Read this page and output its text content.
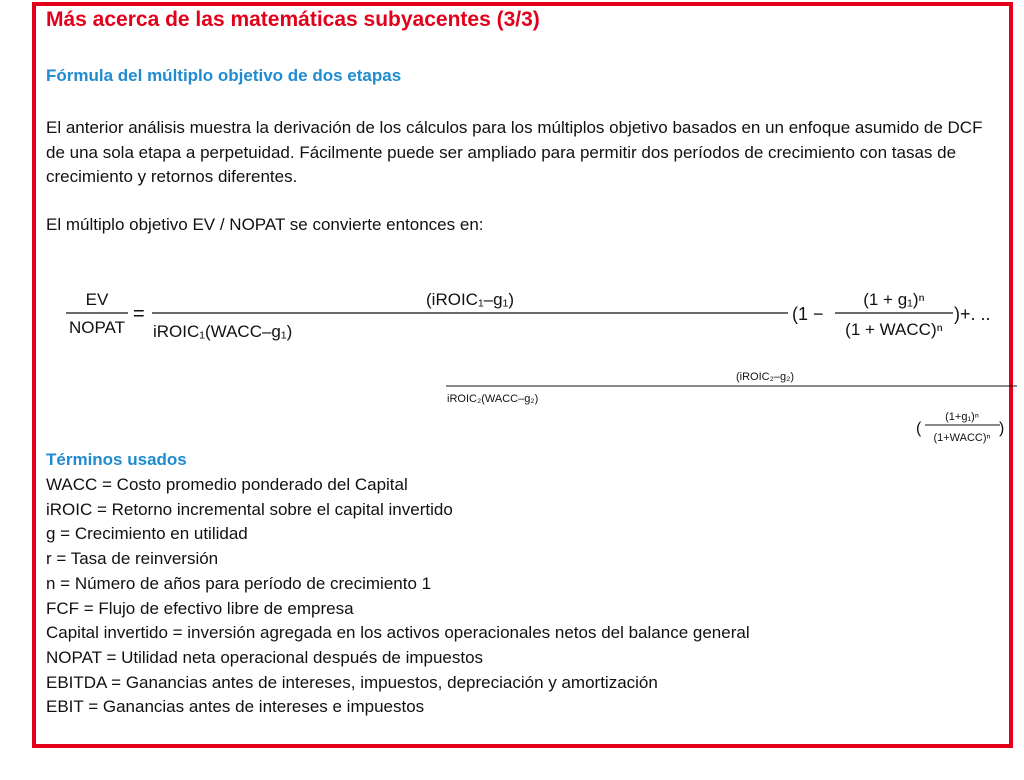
Más acerca de las matemáticas subyacentes (3/3)
Fórmula del múltiplo objetivo de dos etapas
El anterior análisis muestra la derivación de los cálculos para los múltiplos objetivo basados en un enfoque asumido de DCF de una sola etapa a perpetuidad. Fácilmente puede ser ampliado para permitir dos períodos de crecimiento con tasas de crecimiento y retornos diferentes.
El múltiplo objetivo EV / NOPAT se convierte entonces en:
EV
NOPAT
=
(iROIC₁–g₁)
iROIC₁(WACC–g₁)
(1 −
(1 + g₁)ⁿ
(1 + WACC)ⁿ
)+. ..
(iROIC₂–g₂)
iROIC₂(WACC–g₂)
(
(1+g₁)ⁿ
(1+WACC)ⁿ
)
Términos usados
WACC = Costo promedio ponderado del Capital
iROIC = Retorno incremental sobre el capital invertido
g = Crecimiento en utilidad
r = Tasa de reinversión
n = Número de años para período de crecimiento 1
FCF = Flujo de efectivo libre de empresa
Capital invertido = inversión agregada en los activos operacionales netos del balance general
NOPAT = Utilidad neta operacional después de impuestos
EBITDA = Ganancias antes de intereses, impuestos, depreciación y amortización
EBIT = Ganancias antes de intereses e impuestos
